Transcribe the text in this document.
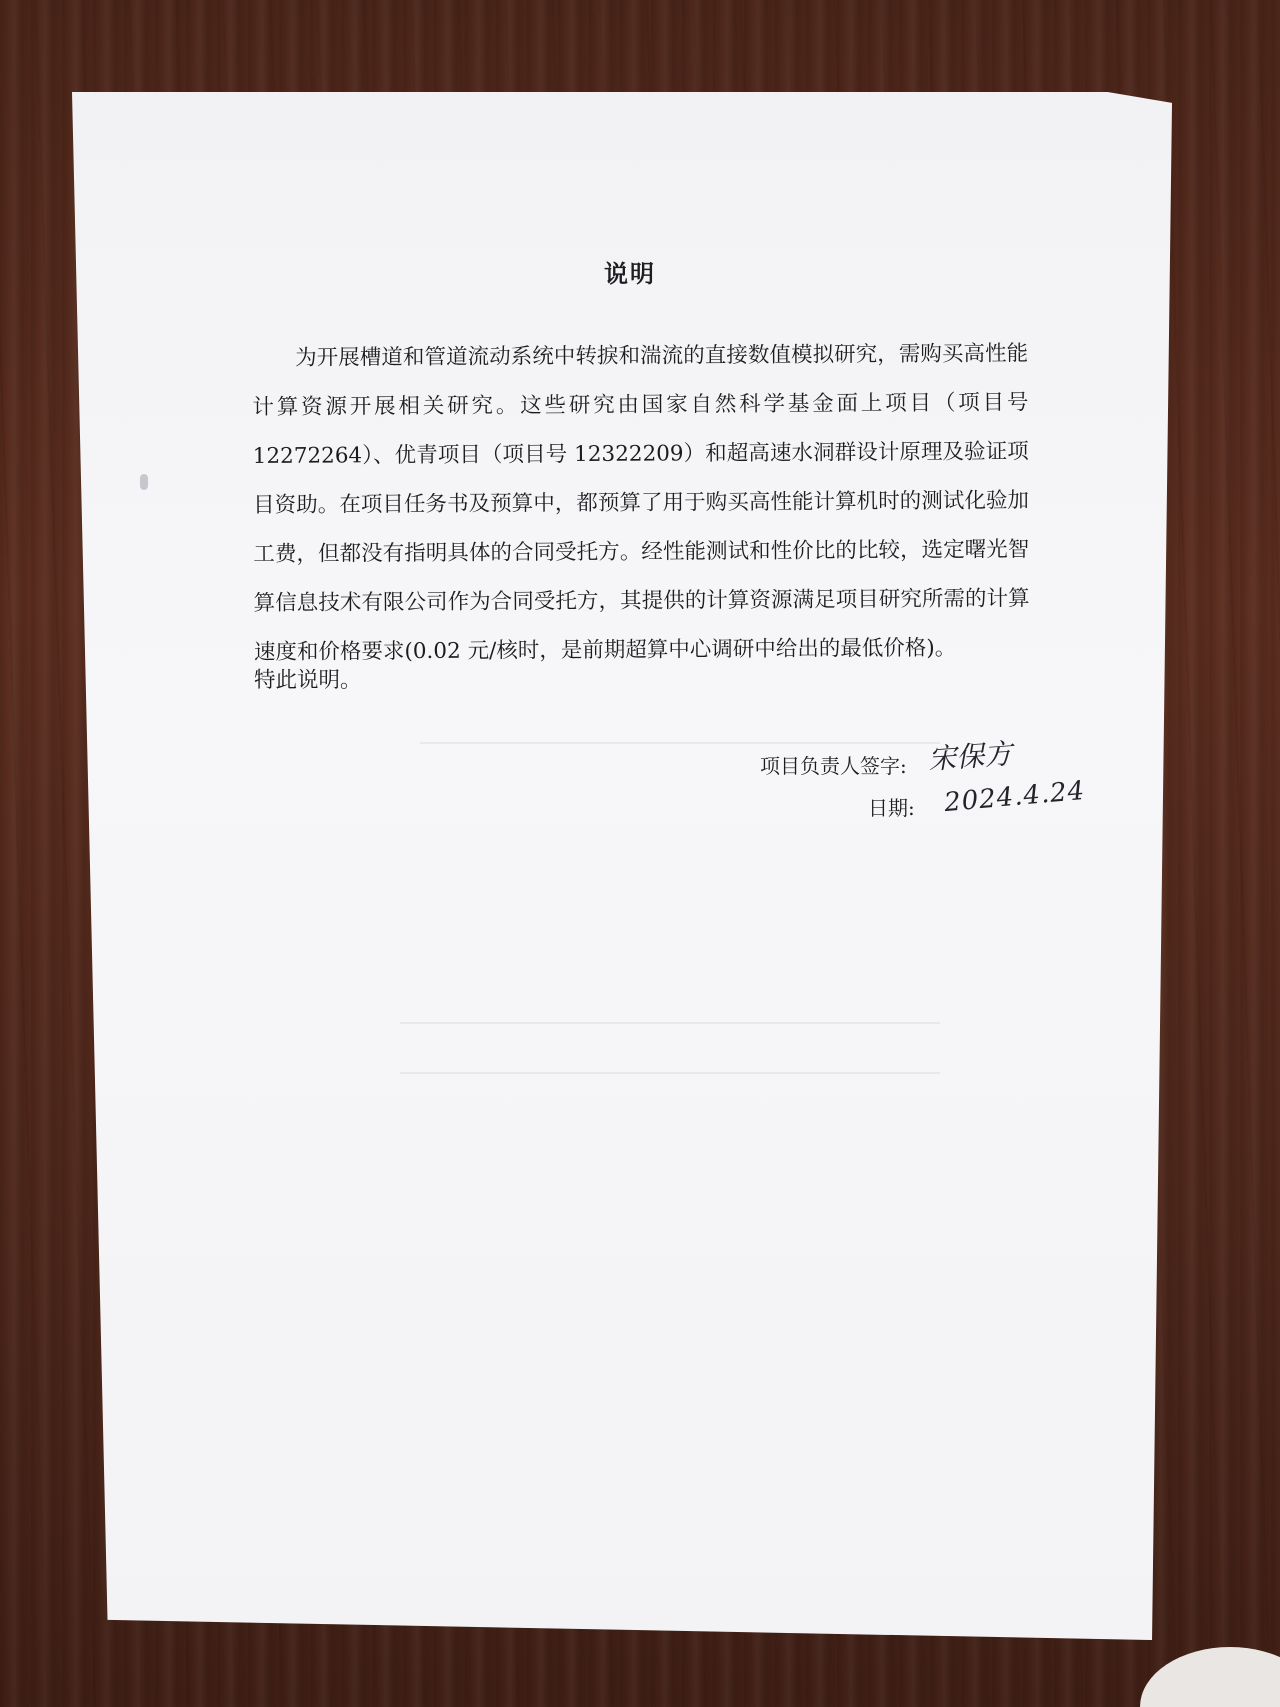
说明
为开展槽道和管道流动系统中转捩和湍流的直接数值模拟研究，需购买高性能计算资源开展相关研究。这些研究由国家自然科学基金面上项目（项目号12272264）、优青项目（项目号 12322209）和超高速水洞群设计原理及验证项目资助。在项目任务书及预算中，都预算了用于购买高性能计算机时的测试化验加工费，但都没有指明具体的合同受托方。经性能测试和性价比的比较，选定曙光智算信息技术有限公司作为合同受托方，其提供的计算资源满足项目研究所需的计算速度和价格要求(0.02 元/核时，是前期超算中心调研中给出的最低价格)。
特此说明。
项目负责人签字: 宋保方
日期: 2024.4.24
